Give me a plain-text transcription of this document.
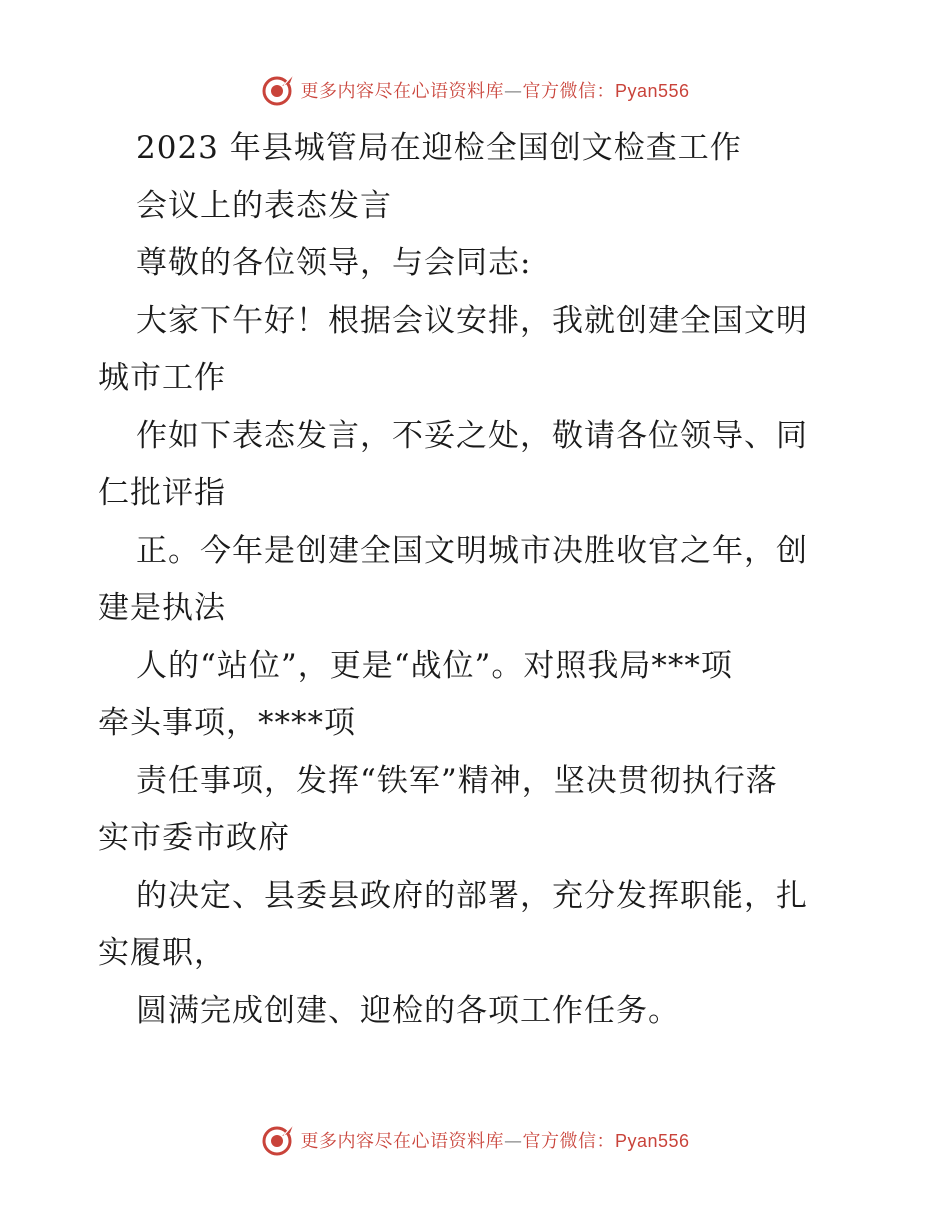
更多内容尽在心语资料库—官方微信：Pyan556
2023 年县城管局在迎检全国创文检查工作
会议上的表态发言
尊敬的各位领导，与会同志:
大家下午好！根据会议安排，我就创建全国文明
城市工作
作如下表态发言，不妥之处，敬请各位领导、同
仁批评指
正。今年是创建全国文明城市决胜收官之年，创
建是执法
人的“站位”，更是“战位”。对照我局***项
牵头事项，****项
责任事项，发挥“铁军”精神，坚决贯彻执行落
实市委市政府
的决定、县委县政府的部署，充分发挥职能，扎
实履职，
圆满完成创建、迎检的各项工作任务。
更多内容尽在心语资料库—官方微信：Pyan556
